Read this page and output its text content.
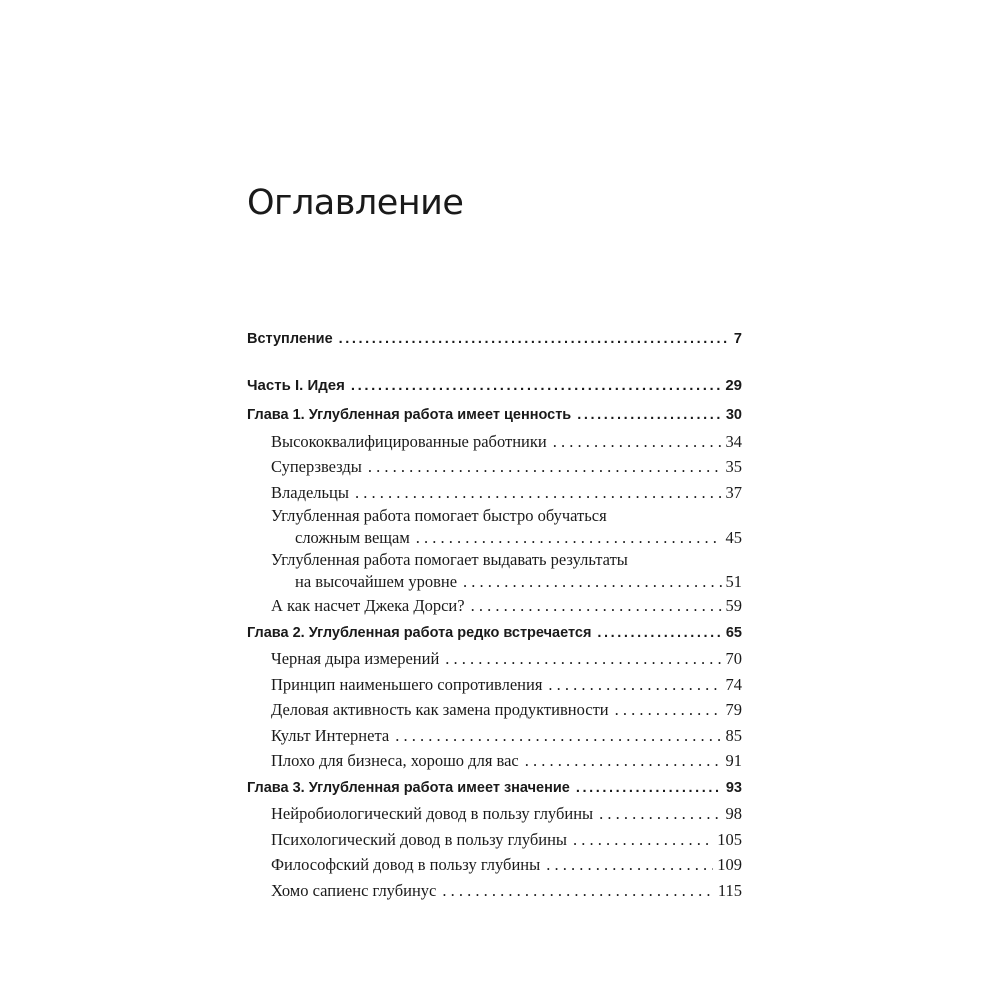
Оглавление
Вступление .....	7
Часть I. Идея .....	29
Глава 1. Углубленная работа имеет ценность .....	30
Высококвалифицированные работники . . .	34
Суперзвезды . . .	35
Владельцы . . .	37
Углубленная работа помогает быстро обучаться
сложным вещам . . .	45
Углубленная работа помогает выдавать результаты
на высочайшем уровне . . .	51
А как насчет Джека Дорси? . . .	59
Глава 2. Углубленная работа редко встречается .....	65
Черная дыра измерений . . .	70
Принцип наименьшего сопротивления . . .	74
Деловая активность как замена продуктивности . . .	79
Культ Интернета . . .	85
Плохо для бизнеса, хорошо для вас . . .	91
Глава 3. Углубленная работа имеет значение .....	93
Нейробиологический довод в пользу глубины . . .	98
Психологический довод в пользу глубины . . .	105
Философский довод в пользу глубины . . .	109
Хомо сапиенс глубинус . . .	115
